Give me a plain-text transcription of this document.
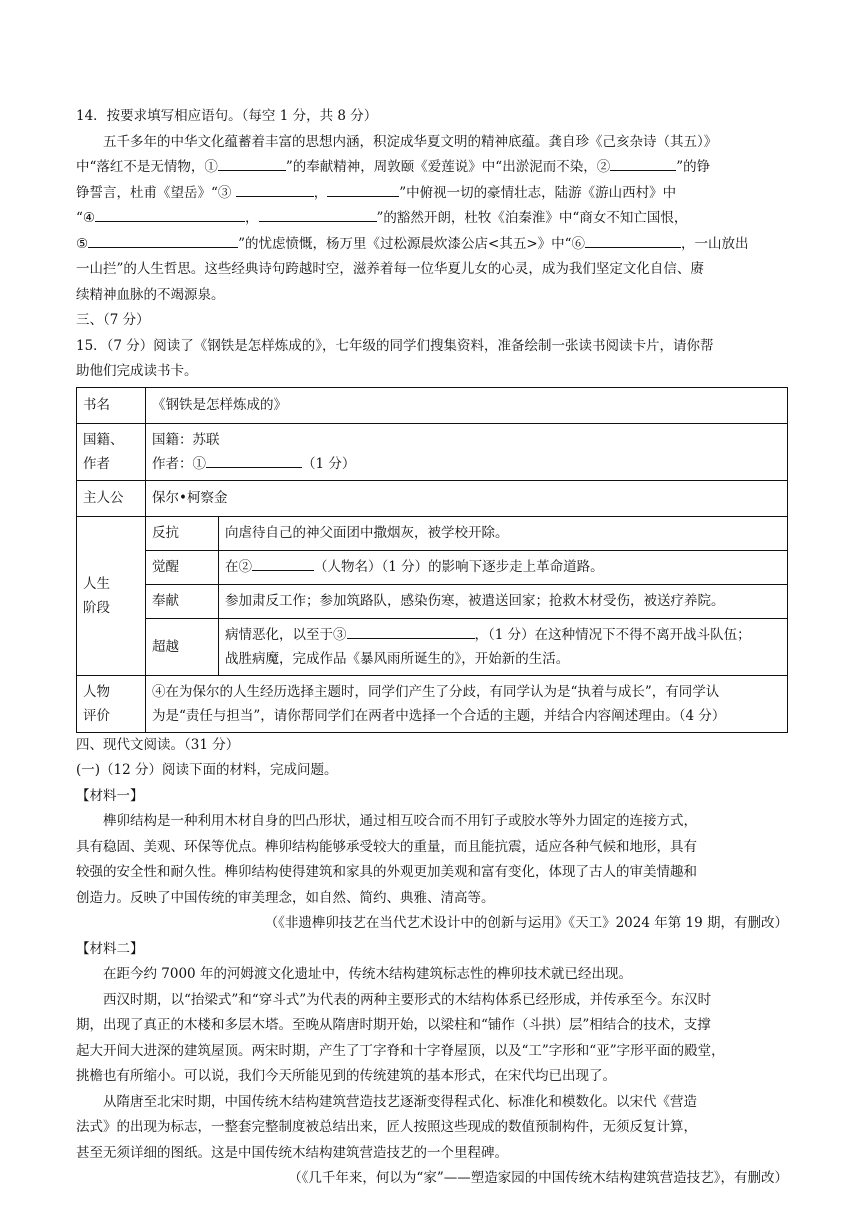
14．按要求填写相应语句。（每空 1 分，共 8 分）

五千多年的中华文化蕴蓄着丰富的思想内涵，积淀成华夏文明的精神底蕴。龚自珍《己亥杂诗（其五）》

中“落红不是无情物，①	”的奉献精神，周敦颐《爱莲说》中“出淤泥而不染，②	”的铮

铮誓言，杜甫《望岳》“③	，	”中俯视一切的豪情壮志，陆游《游山西村》中

“④	，	”的豁然开朗，杜牧《泊秦淮》中“商女不知亡国恨，

⑤	”的忧虑愤慨，杨万里《过松源晨炊漆公店<其五>》中“⑥	，一山放出

一山拦”的人生哲思。这些经典诗句跨越时空，滋养着每一位华夏儿女的心灵，成为我们坚定文化自信、赓

续精神血脉的不竭源泉。

三、（7 分）

15．（7 分）阅读了《钢铁是怎样炼成的》，七年级的同学们搜集资料，准备绘制一张读书阅读卡片，请你帮

助他们完成读书卡。

书名	《钢铁是怎样炼成的》	
国籍、
作者	国籍：苏联
作者：① （1 分）	
主人公	保尔•柯察金	
人生
阶段	反抗	向虐待自己的神父面团中撒烟灰，被学校开除。
	觉醒	在② （人物名）（1 分）的影响下逐步走上革命道路。
	奉献	参加肃反工作；参加筑路队，感染伤寒，被遣送回家；抢救木材受伤，被送疗养院。
	超越	病情恶化，以至于③ ，（1 分）在这种情况下不得不离开战斗队伍；
战胜病魔，完成作品《暴风雨所诞生的》，开始新的生活。
人物
评价	④在为保尔的人生经历选择主题时，同学们产生了分歧，有同学认为是“执着与成长”，有同学认
为是“责任与担当”，请你帮同学们在两者中选择一个合适的主题，并结合内容阐述理由。（4 分）	

四、现代文阅读。（31 分）

(一)（12 分）阅读下面的材料，完成问题。

【材料一】

榫卯结构是一种利用木材自身的凹凸形状，通过相互咬合而不用钉子或胶水等外力固定的连接方式，

具有稳固、美观、环保等优点。榫卯结构能够承受较大的重量，而且能抗震，适应各种气候和地形，具有

较强的安全性和耐久性。榫卯结构使得建筑和家具的外观更加美观和富有变化，体现了古人的审美情趣和

创造力。反映了中国传统的审美理念，如自然、简约、典雅、清高等。

（《非遗榫卯技艺在当代艺术设计中的创新与运用》《天工》2024 年第 19 期，有删改）

【材料二】

在距今约 7000 年的河姆渡文化遗址中，传统木结构建筑标志性的榫卯技术就已经出现。

西汉时期，以“抬梁式”和“穿斗式”为代表的两种主要形式的木结构体系已经形成，并传承至今。东汉时

期，出现了真正的木楼和多层木塔。至晚从隋唐时期开始，以梁柱和“铺作（斗拱）层”相结合的技术，支撑

起大开间大进深的建筑屋顶。两宋时期，产生了丁字脊和十字脊屋顶，以及“工”字形和“亚”字形平面的殿堂，

挑檐也有所缩小。可以说，我们今天所能见到的传统建筑的基本形式，在宋代均已出现了。

从隋唐至北宋时期，中国传统木结构建筑营造技艺逐渐变得程式化、标准化和模数化。以宋代《营造

法式》的出现为标志，一整套完整制度被总结出来，匠人按照这些现成的数值预制构件，无须反复计算，

甚至无须详细的图纸。这是中国传统木结构建筑营造技艺的一个里程碑。

（《几千年来，何以为“家”——塑造家园的中国传统木结构建筑营造技艺》，有删改）
